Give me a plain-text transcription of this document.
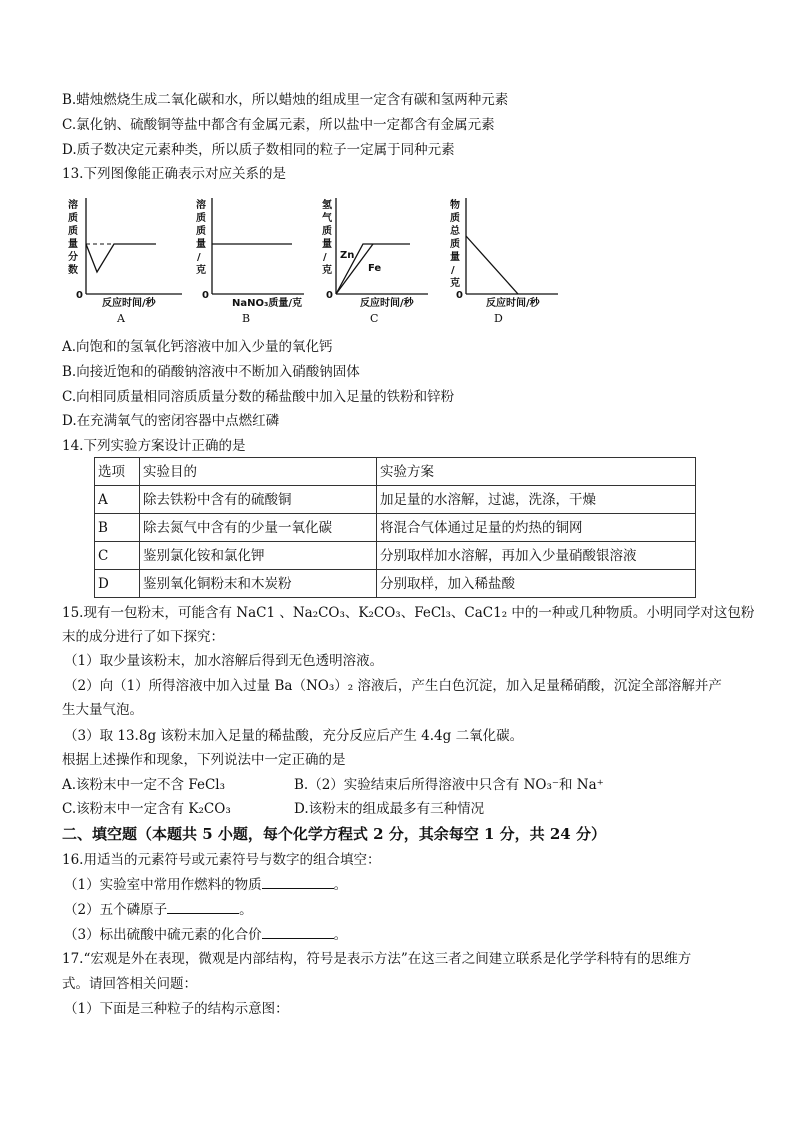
B.蜡烛燃烧生成二氧化碳和水，所以蜡烛的组成里一定含有碳和氢两种元素
C.氯化钠、硫酸铜等盐中都含有金属元素，所以盐中一定都含有金属元素
D.质子数决定元素种类，所以质子数相同的粒子一定属于同种元素
13.下列图像能正确表示对应关系的是
溶
质
质
量
分
数
0
反应时间/秒
A
溶
质
质
量
/
克
0
NaNO₃质量/克
B
氢
气
质
量
/
克
Zn
Fe
0
反应时间/秒
C
物
质
总
质
量
/
克
0
反应时间/秒
D
A.向饱和的氢氧化钙溶液中加入少量的氧化钙
B.向接近饱和的硝酸钠溶液中不断加入硝酸钠固体
C.向相同质量相同溶质质量分数的稀盐酸中加入足量的铁粉和锌粉
D.在充满氧气的密闭容器中点燃红磷
14.下列实验方案设计正确的是
选项	实验目的	实验方案
A	除去铁粉中含有的硫酸铜	加足量的水溶解，过滤，洗涤，干燥
B	除去氮气中含有的少量一氧化碳	将混合气体通过足量的灼热的铜网
C	鉴别氯化铵和氯化钾	分别取样加水溶解，再加入少量硝酸银溶液
D	鉴别氧化铜粉末和木炭粉	分别取样，加入稀盐酸
15.现有一包粉末，可能含有 NaC1 、Na₂CO₃、K₂CO₃、FeCl₃、CaC1₂ 中的一种或几种物质。小明同学对这包粉
末的成分进行了如下探究：
（1）取少量该粉末，加水溶解后得到无色透明溶液。
（2）向（1）所得溶液中加入过量 Ba（NO₃）₂ 溶液后，产生白色沉淀，加入足量稀硝酸，沉淀全部溶解并产
生大量气泡。
（3）取 13.8g 该粉末加入足量的稀盐酸，充分反应后产生 4.4g 二氧化碳。
根据上述操作和现象，下列说法中一定正确的是
A.该粉末中一定不含 FeCl₃	B.（2）实验结束后所得溶液中只含有 NO₃⁻和 Na⁺
C.该粉末中一定含有 K₂CO₃	D.该粉末的组成最多有三种情况
二、填空题（本题共 5 小题，每个化学方程式 2 分，其余每空 1 分，共 24 分）
16.用适当的元素符号或元素符号与数字的组合填空：
（1）实验室中常用作燃料的物质	。
（2）五个磷原子	。
（3）标出硫酸中硫元素的化合价	。
17.“宏观是外在表现，微观是内部结构，符号是表示方法”在这三者之间建立联系是化学学科特有的思维方
式。请回答相关问题：
（1）下面是三种粒子的结构示意图：
